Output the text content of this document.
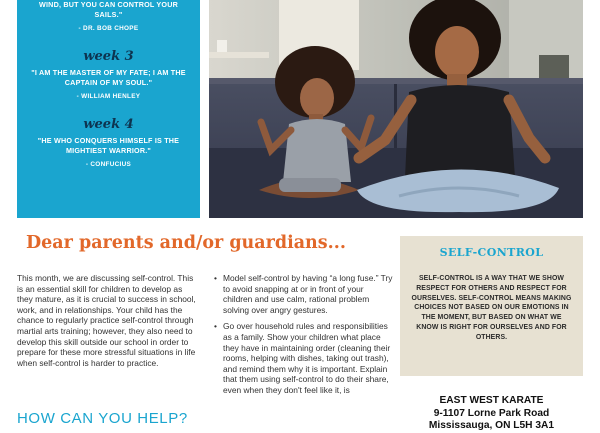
WIND, BUT YOU CAN CONTROL YOUR SAILS."
- DR. BOB CHOPE
week 3
"I AM THE MASTER OF MY FATE; I AM THE CAPTAIN OF MY SOUL."
- WILLIAM HENLEY
week 4
"HE WHO CONQUERS HIMSELF IS THE MIGHTIEST WARRIOR."
- CONFUCIUS
Dear parents and/or guardians...
This month, we are discussing self-control. This is an essential skill for children to develop as they mature, as it is crucial to success in school, work, and in relationships. Your child has the chance to regularly practice self-control through martial arts training; however, they also need to develop this skill outside our school in order to prepare for these more stressful situations in life when self-control is harder to practice.
HOW CAN YOU HELP?
• Model self-control by having “a long fuse.” Try to avoid snapping at or in front of your children and use calm, rational problem solving over angry gestures.
• Go over household rules and responsibilities as a family. Show your children what place they have in maintaining order (cleaning their rooms, helping with dishes, taking out trash), and remind them why it is important. Explain that them using self-control to do their share, even when they don't feel like it, is
SELF-CONTROL
SELF-CONTROL IS A WAY THAT WE SHOW RESPECT FOR OTHERS AND RESPECT FOR OURSELVES. SELF-CONTROL MEANS MAKING CHOICES NOT BASED ON OUR EMOTIONS IN THE MOMENT, BUT BASED ON WHAT WE KNOW IS RIGHT FOR OURSELVES AND FOR OTHERS.
EAST WEST KARATE
9-1107 Lorne Park Road
Mississauga, ON L5H 3A1
